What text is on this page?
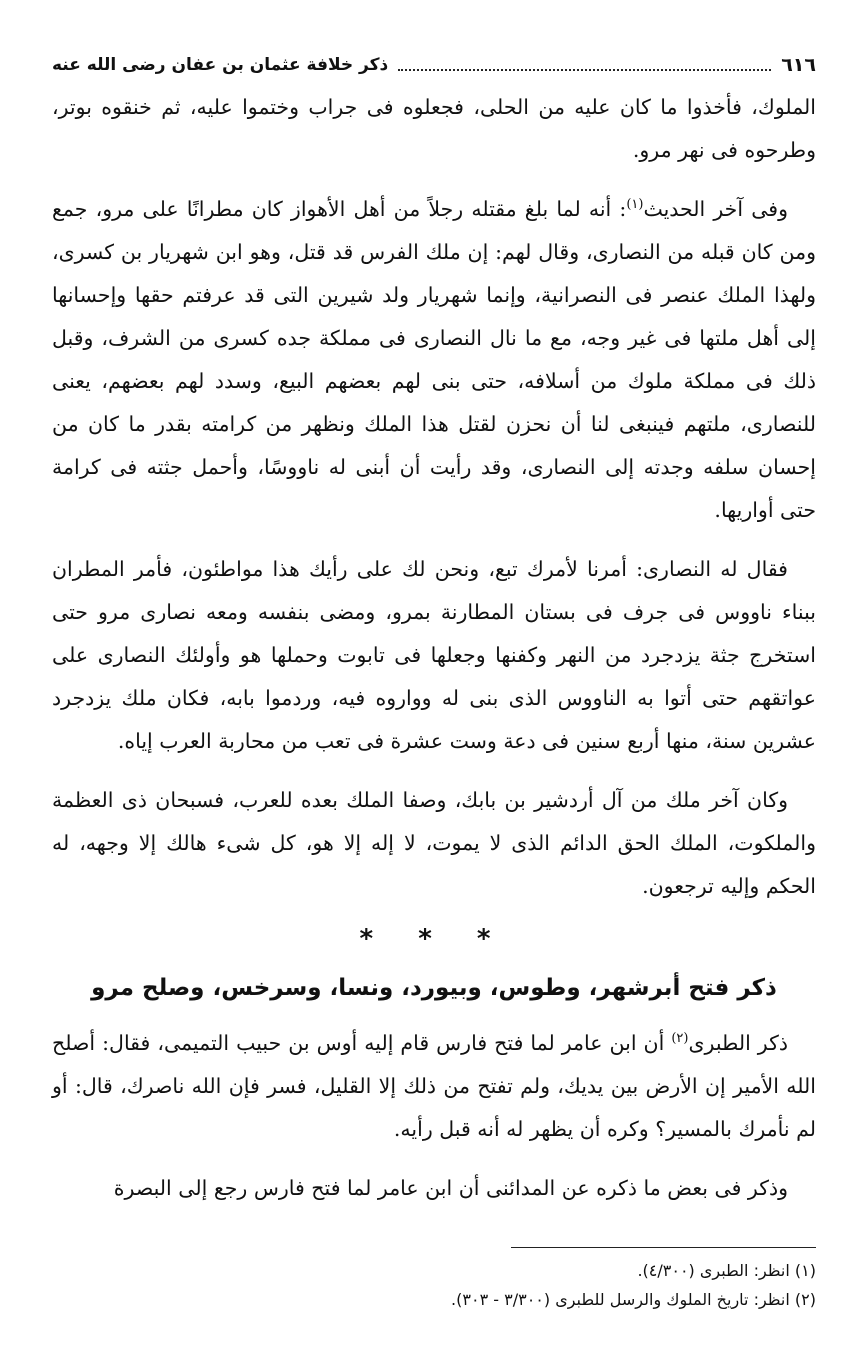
٦١٦
ذكر خلافة عثمان بن عفان رضى الله عنه

الملوك، فأخذوا ما كان عليه من الحلى، فجعلوه فى جراب وختموا عليه، ثم خنقوه بوتر، وطرحوه فى نهر مرو.

وفى آخر الحديث$^{(١)}$: أنه لما بلغ مقتله رجلاً من أهل الأهواز كان مطرانًا على مرو، جمع ومن كان قبله من النصارى، وقال لهم: إن ملك الفرس قد قتل، وهو ابن شهريار بن كسرى، ولهذا الملك عنصر فى النصرانية، وإنما شهريار ولد شيرين التى قد عرفتم حقها وإحسانها إلى أهل ملتها فى غير وجه، مع ما نال النصارى فى مملكة جده كسرى من الشرف، وقبل ذلك فى مملكة ملوك من أسلافه، حتى بنى لهم بعضهم البيع، وسدد لهم بعضهم، يعنى للنصارى، ملتهم فينبغى لنا أن نحزن لقتل هذا الملك ونظهر من كرامته بقدر ما كان من إحسان سلفه وجدته إلى النصارى، وقد رأيت أن أبنى له ناووسًا، وأحمل جثته فى كرامة حتى أواريها.

فقال له النصارى: أمرنا لأمرك تبع، ونحن لك على رأيك هذا مواطئون، فأمر المطران ببناء ناووس فى جرف فى بستان المطارنة بمرو، ومضى بنفسه ومعه نصارى مرو حتى استخرج جثة يزدجرد من النهر وكفنها وجعلها فى تابوت وحملها هو وأولئك النصارى على عواتقهم حتى أتوا به الناووس الذى بنى له وواروه فيه، وردموا بابه، فكان ملك يزدجرد عشرين سنة، منها أربع سنين فى دعة وست عشرة فى تعب من محاربة العرب إياه.

وكان آخر ملك من آل أردشير بن بابك، وصفا الملك بعده للعرب، فسبحان ذى العظمة والملكوت، الملك الحق الدائم الذى لا يموت، لا إله إلا هو، كل شىء هالك إلا وجهه، له الحكم وإليه ترجعون.

* * *
ذكر فتح أبرشهر، وطوس، وبيورد، ونسا، وسرخس، وصلح مرو

ذكر الطبرى$^{(٢)}$ أن ابن عامر لما فتح فارس قام إليه أوس بن حبيب التميمى، فقال: أصلح الله الأمير إن الأرض بين يديك، ولم تفتح من ذلك إلا القليل، فسر فإن الله ناصرك، قال: أو لم نأمرك بالمسير؟ وكره أن يظهر له أنه قبل رأيه.

وذكر فى بعض ما ذكره عن المدائنى أن ابن عامر لما فتح فارس رجع إلى البصرة

(١) انظر: الطبرى (٤/٣٠٠).
(٢) انظر: تاريخ الملوك والرسل للطبرى (٣/٣٠٠ - ٣٠٣).
